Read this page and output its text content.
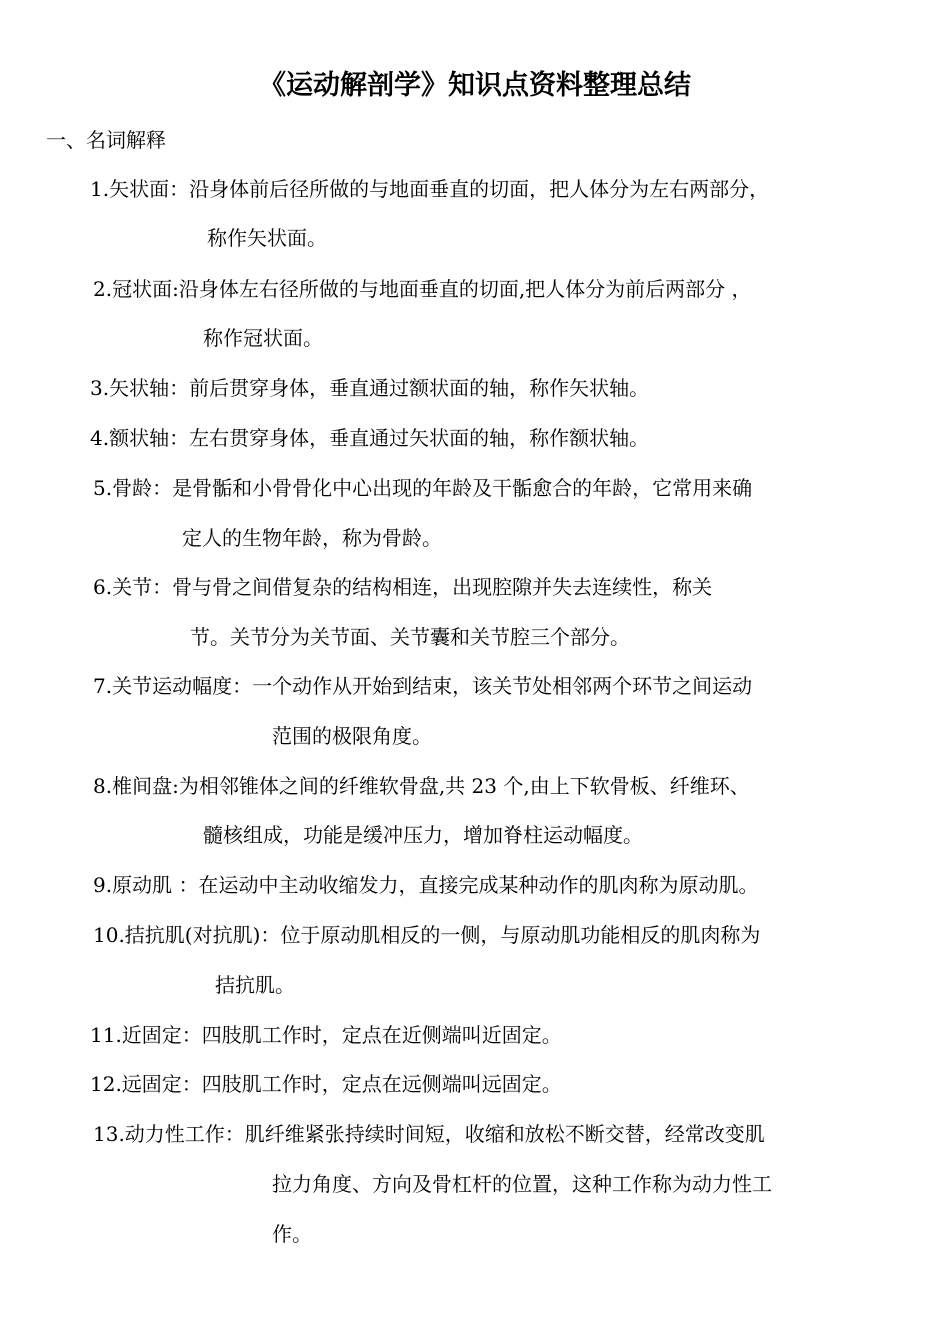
《运动解剖学》知识点资料整理总结
一、名词解释
1.矢状面：沿身体前后径所做的与地面垂直的切面，把人体分为左右两部分，
称作矢状面。
2.冠状面:沿身体左右径所做的与地面垂直的切面,把人体分为前后两部分 ，
称作冠状面。
3.矢状轴：前后贯穿身体，垂直通过额状面的轴，称作矢状轴。
4.额状轴：左右贯穿身体，垂直通过矢状面的轴，称作额状轴。
5.骨龄：是骨骺和小骨骨化中心出现的年龄及干骺愈合的年龄，它常用来确
定人的生物年龄，称为骨龄。
6.关节：骨与骨之间借复杂的结构相连，出现腔隙并失去连续性，称关
节。关节分为关节面、关节囊和关节腔三个部分。
7.关节运动幅度：一个动作从开始到结束，该关节处相邻两个环节之间运动
范围的极限角度。
8.椎间盘:为相邻锥体之间的纤维软骨盘,共 23 个,由上下软骨板、纤维环、
髓核组成，功能是缓冲压力，增加脊柱运动幅度。
9.原动肌 ：在运动中主动收缩发力，直接完成某种动作的肌肉称为原动肌。
10.拮抗肌(对抗肌)：位于原动肌相反的一侧，与原动肌功能相反的肌肉称为
拮抗肌。
11.近固定：四肢肌工作时，定点在近侧端叫近固定。
12.远固定：四肢肌工作时，定点在远侧端叫远固定。
13.动力性工作：肌纤维紧张持续时间短，收缩和放松不断交替，经常改变肌
拉力角度、方向及骨杠杆的位置，这种工作称为动力性工
作。
